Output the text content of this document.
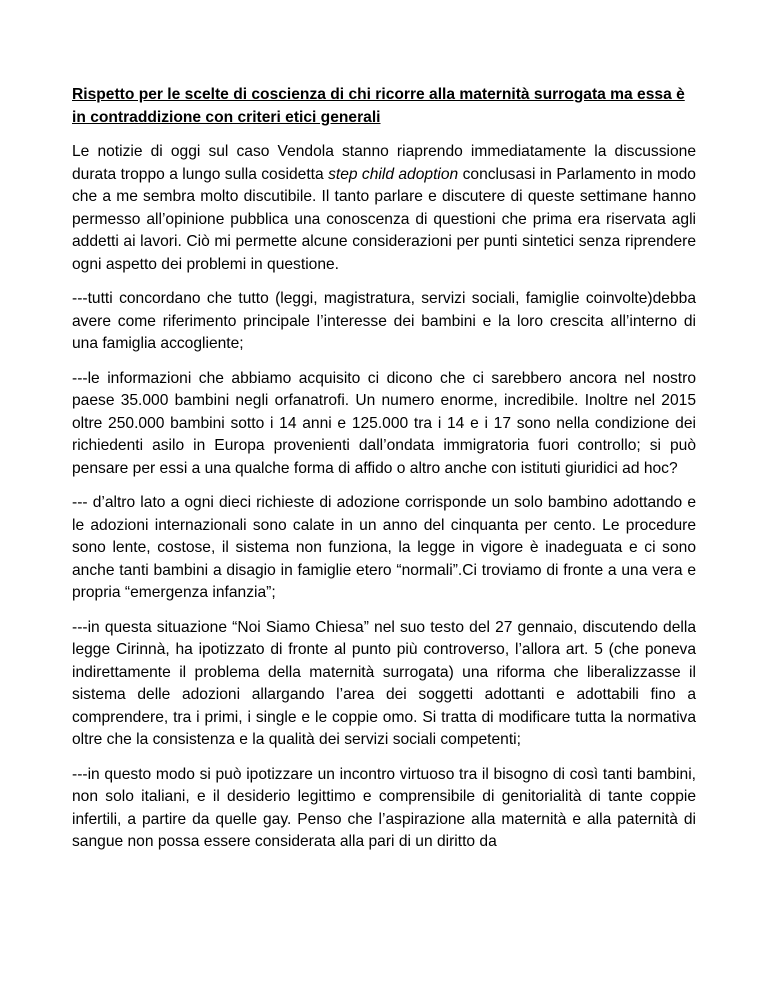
Rispetto per le scelte di coscienza di chi ricorre alla maternità surrogata ma essa è in contraddizione con criteri etici generali

Le notizie di oggi sul caso Vendola stanno riaprendo immediatamente la discussione durata troppo a lungo sulla cosidetta step child adoption conclusasi in Parlamento in modo che a me sembra molto discutibile. Il tanto parlare e discutere di queste settimane hanno permesso all’opinione pubblica una conoscenza di questioni che prima era riservata agli addetti ai lavori. Ciò mi permette alcune considerazioni per punti sintetici senza riprendere ogni aspetto dei problemi in questione.

---tutti concordano che tutto (leggi, magistratura, servizi sociali, famiglie coinvolte)debba avere come riferimento principale l’interesse dei bambini e la loro crescita all’interno di una famiglia accogliente;

---le informazioni che abbiamo acquisito ci dicono che ci sarebbero ancora nel nostro paese 35.000 bambini negli orfanatrofi. Un numero enorme, incredibile. Inoltre nel 2015 oltre 250.000 bambini sotto i 14 anni e 125.000 tra i 14 e i 17 sono nella condizione dei richiedenti asilo in Europa provenienti dall’ondata immigratoria fuori controllo; si può pensare per essi a una qualche forma di affido o altro anche con istituti giuridici ad hoc?

--- d’altro lato a ogni dieci richieste di adozione corrisponde un solo bambino adottando e le adozioni internazionali sono calate in un anno del cinquanta per cento. Le procedure sono lente, costose, il sistema non funziona, la legge in vigore è inadeguata e ci sono anche tanti bambini a disagio in famiglie etero “normali”.Ci troviamo di fronte a una vera e propria “emergenza infanzia”;

---in questa situazione “Noi Siamo Chiesa” nel suo testo del 27 gennaio, discutendo della legge Cirinnà, ha ipotizzato di fronte al punto più controverso, l’allora art. 5 (che poneva indirettamente il problema della maternità surrogata) una riforma che liberalizzasse il sistema delle adozioni allargando l’area dei soggetti adottanti e adottabili fino a comprendere, tra i primi, i single e le coppie omo. Si tratta di modificare tutta la normativa oltre che la consistenza e la qualità dei servizi sociali competenti;

---in questo modo si può ipotizzare un incontro virtuoso tra il bisogno di così tanti bambini, non solo italiani, e il desiderio legittimo e comprensibile di genitorialità di tante coppie infertili, a partire da quelle gay. Penso che l’aspirazione alla maternità e alla paternità di sangue non possa essere considerata alla pari di un diritto da
